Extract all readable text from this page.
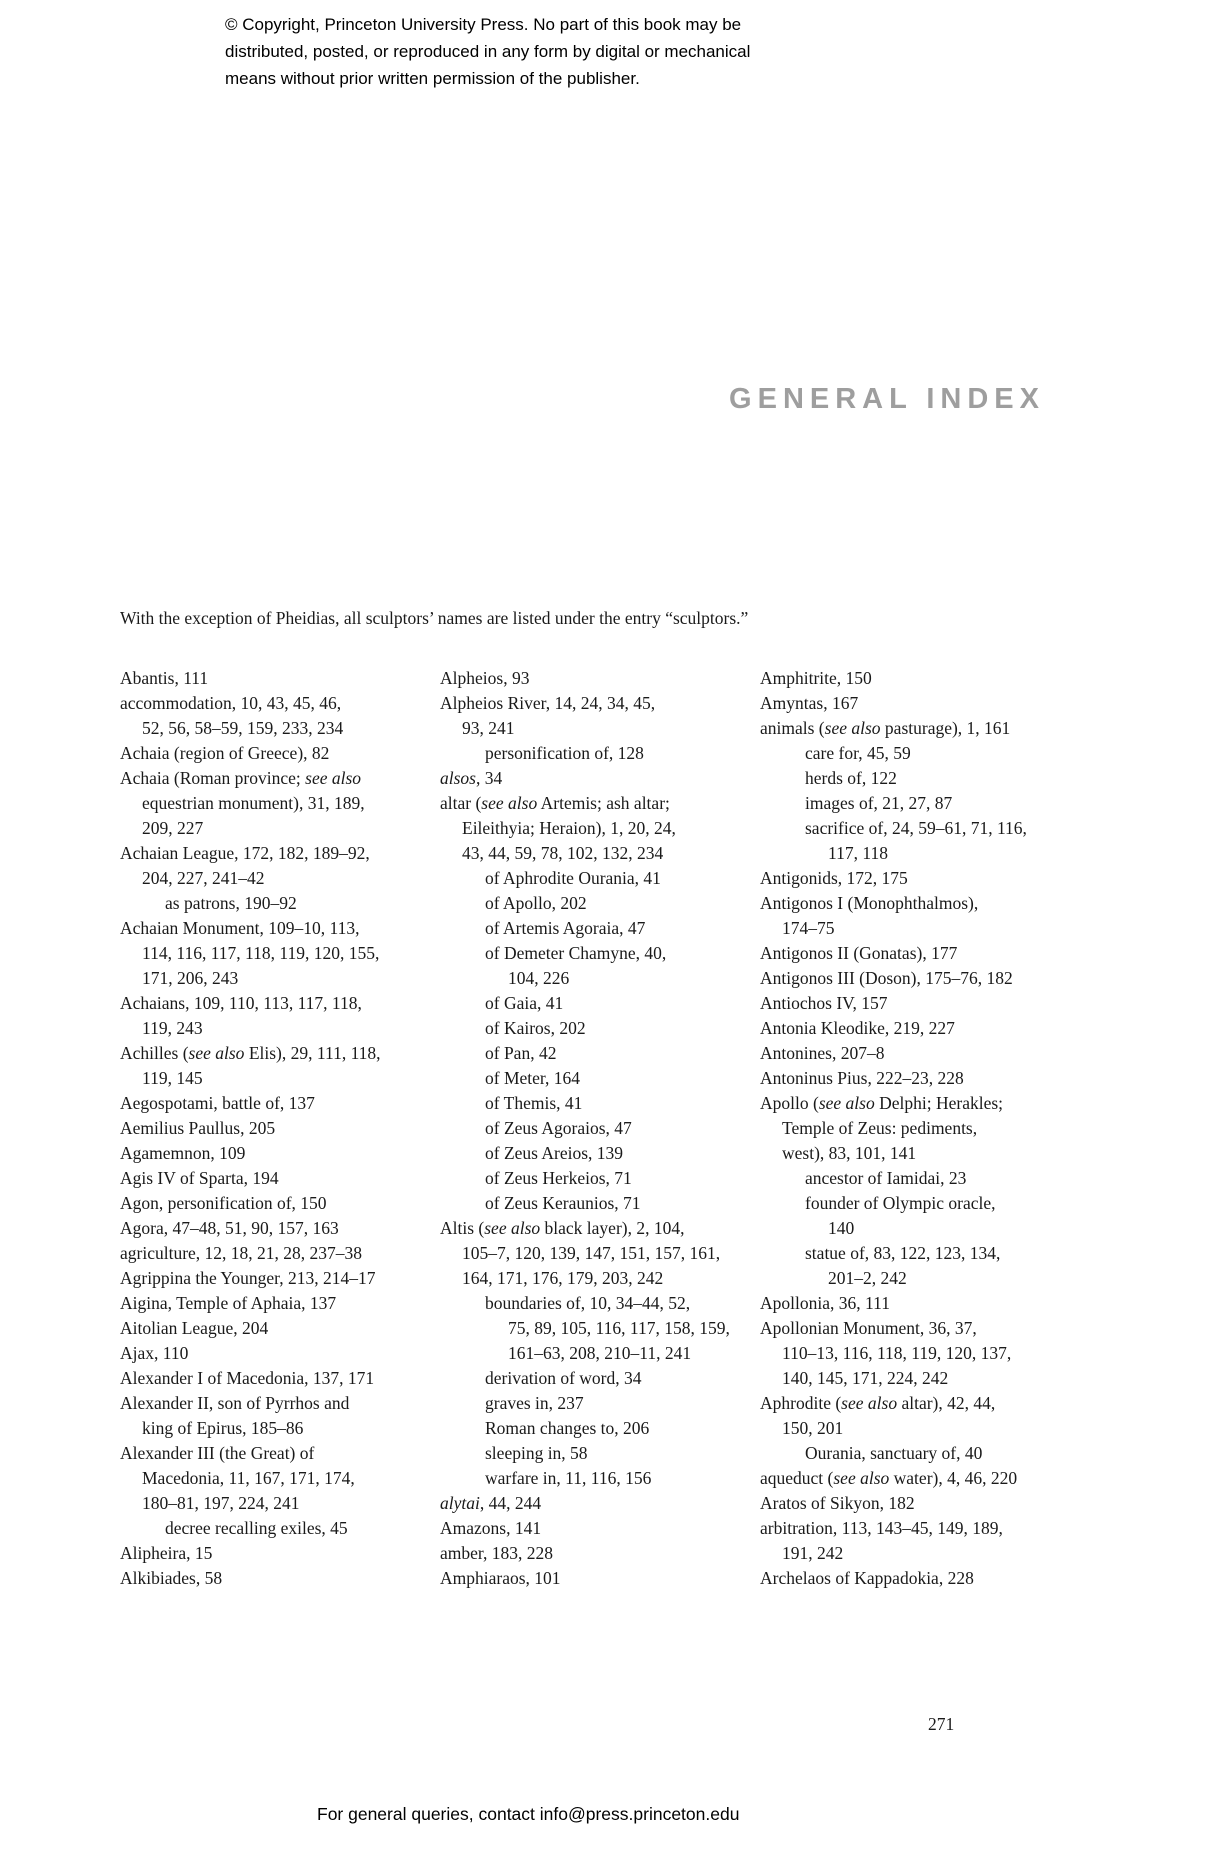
© Copyright, Princeton University Press. No part of this book may be
distributed, posted, or reproduced in any form by digital or mechanical
means without prior written permission of the publisher.
GENERAL INDEX
With the exception of Pheidias, all sculptors’ names are listed under the entry “sculptors.”
Abantis, 111
accommodation, 10, 43, 45, 46,
52, 56, 58–59, 159, 233, 234
Achaia (region of Greece), 82
Achaia (Roman province; see also
equestrian monument), 31, 189,
209, 227
Achaian League, 172, 182, 189–92,
204, 227, 241–42
as patrons, 190–92
Achaian Monument, 109–10, 113,
114, 116, 117, 118, 119, 120, 155,
171, 206, 243
Achaians, 109, 110, 113, 117, 118,
119, 243
Achilles (see also Elis), 29, 111, 118,
119, 145
Aegospotami, battle of, 137
Aemilius Paullus, 205
Agamemnon, 109
Agis IV of Sparta, 194
Agon, personification of, 150
Agora, 47–48, 51, 90, 157, 163
agriculture, 12, 18, 21, 28, 237–38
Agrippina the Younger, 213, 214–17
Aigina, Temple of Aphaia, 137
Aitolian League, 204
Ajax, 110
Alexander I of Macedonia, 137, 171
Alexander II, son of Pyrrhos and
king of Epirus, 185–86
Alexander III (the Great) of
Macedonia, 11, 167, 171, 174,
180–81, 197, 224, 241
decree recalling exiles, 45
Alipheira, 15
Alkibiades, 58
Alpheios, 93
Alpheios River, 14, 24, 34, 45,
93, 241
personification of, 128
alsos, 34
altar (see also Artemis; ash altar;
Eileithyia; Heraion), 1, 20, 24,
43, 44, 59, 78, 102, 132, 234
of Aphrodite Ourania, 41
of Apollo, 202
of Artemis Agoraia, 47
of Demeter Chamyne, 40,
104, 226
of Gaia, 41
of Kairos, 202
of Pan, 42
of Meter, 164
of Themis, 41
of Zeus Agoraios, 47
of Zeus Areios, 139
of Zeus Herkeios, 71
of Zeus Keraunios, 71
Altis (see also black layer), 2, 104,
105–7, 120, 139, 147, 151, 157, 161,
164, 171, 176, 179, 203, 242
boundaries of, 10, 34–44, 52,
75, 89, 105, 116, 117, 158, 159,
161–63, 208, 210–11, 241
derivation of word, 34
graves in, 237
Roman changes to, 206
sleeping in, 58
warfare in, 11, 116, 156
alytai, 44, 244
Amazons, 141
amber, 183, 228
Amphiaraos, 101
Amphitrite, 150
Amyntas, 167
animals (see also pasturage), 1, 161
care for, 45, 59
herds of, 122
images of, 21, 27, 87
sacrifice of, 24, 59–61, 71, 116,
117, 118
Antigonids, 172, 175
Antigonos I (Monophthalmos),
174–75
Antigonos II (Gonatas), 177
Antigonos III (Doson), 175–76, 182
Antiochos IV, 157
Antonia Kleodike, 219, 227
Antonines, 207–8
Antoninus Pius, 222–23, 228
Apollo (see also Delphi; Herakles;
Temple of Zeus: pediments,
west), 83, 101, 141
ancestor of Iamidai, 23
founder of Olympic oracle,
140
statue of, 83, 122, 123, 134,
201–2, 242
Apollonia, 36, 111
Apollonian Monument, 36, 37,
110–13, 116, 118, 119, 120, 137,
140, 145, 171, 224, 242
Aphrodite (see also altar), 42, 44,
150, 201
Ourania, sanctuary of, 40
aqueduct (see also water), 4, 46, 220
Aratos of Sikyon, 182
arbitration, 113, 143–45, 149, 189,
191, 242
Archelaos of Kappadokia, 228
271
For general queries, contact info@press.princeton.edu
